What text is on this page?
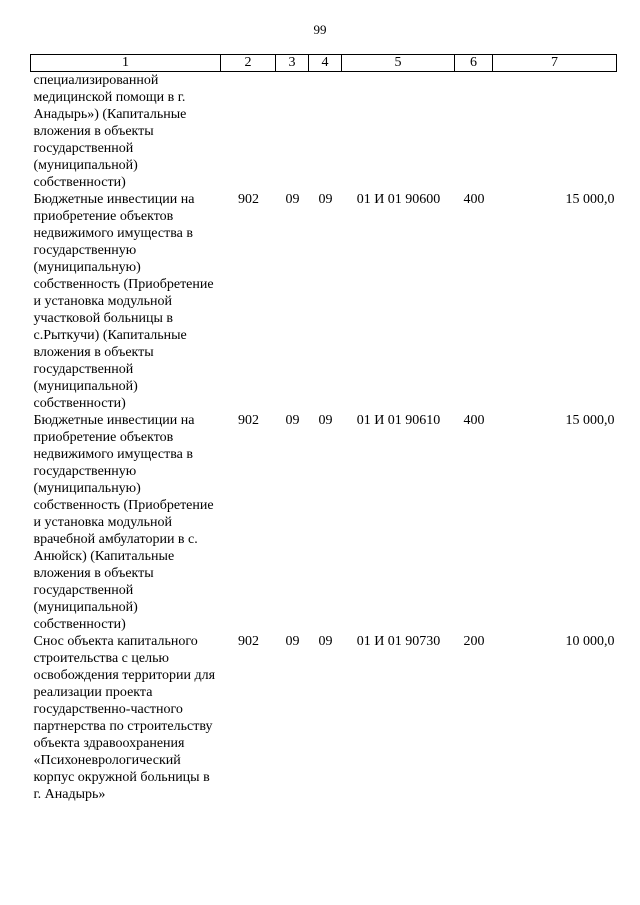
99
1	2	3	4	5	6	7
специализированной медицинской помощи в г. Анадырь») (Капитальные вложения в объекты государственной (муниципальной) собственности)						
Бюджетные инвестиции на приобретение объектов недвижимого имущества в государственную (муниципальную) собственность (Приобретение и установка модульной участковой больницы в с.Рыткучи) (Капитальные вложения в объекты государственной (муниципальной) собственности)	902	09	09	01 И 01 90600	400	15 000,0
Бюджетные инвестиции на приобретение объектов недвижимого имущества в государственную (муниципальную) собственность (Приобретение и установка модульной врачебной амбулатории в с. Анюйск) (Капитальные вложения в объекты государственной (муниципальной) собственности)	902	09	09	01 И 01 90610	400	15 000,0
Снос объекта капитального строительства с целью освобождения территории для реализации проекта государственно-частного партнерства по строительству объекта здравоохранения «Психоневрологический корпус окружной больницы в г. Анадырь»	902	09	09	01 И 01 90730	200	10 000,0
